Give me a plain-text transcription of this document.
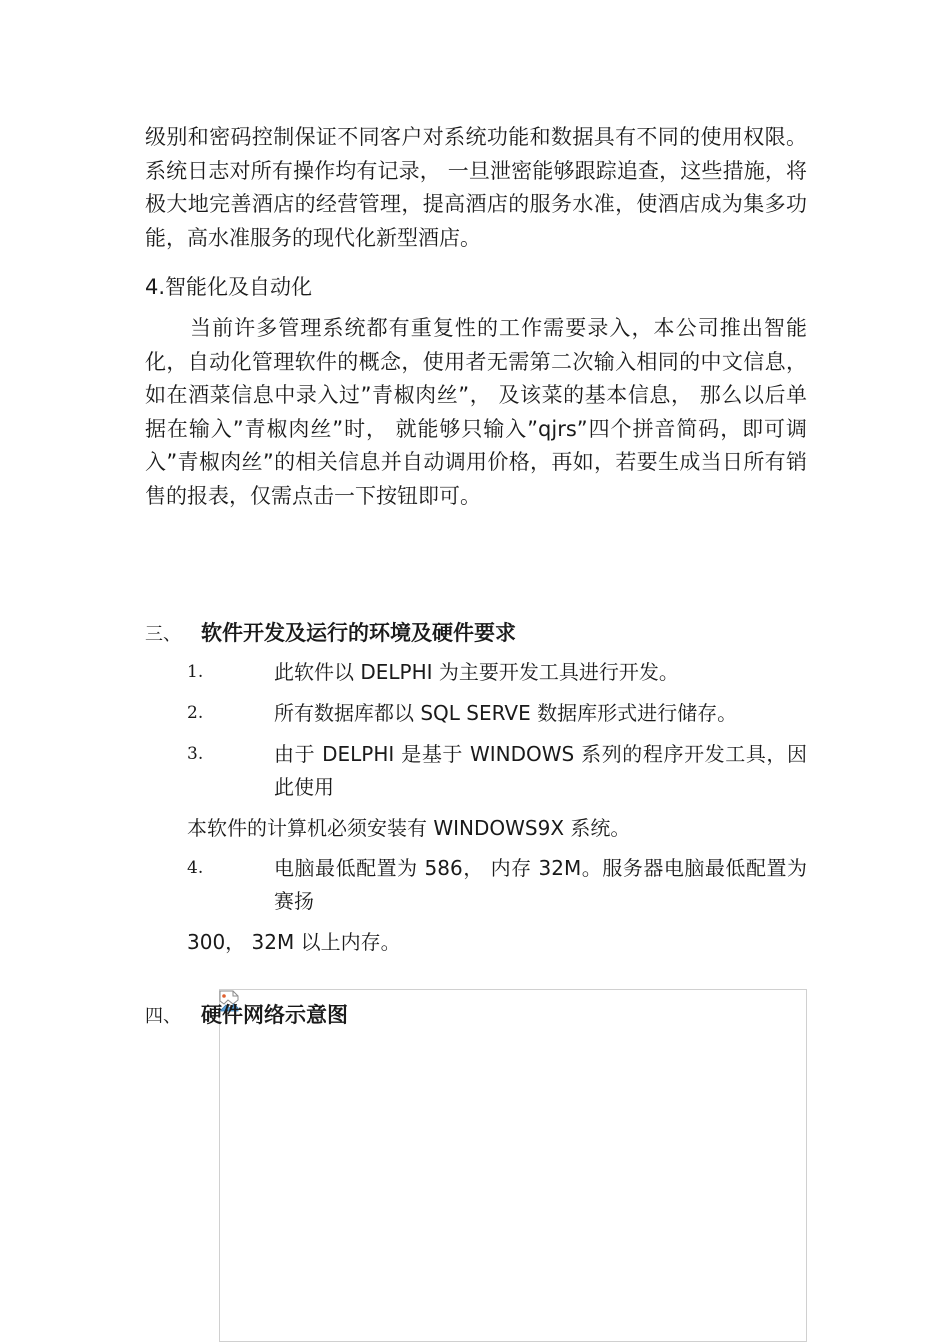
级别和密码控制保证不同客户对系统功能和数据具有不同的使用权限。系统日志对所有操作均有记录， 一旦泄密能够跟踪追查，这些措施，将极大地完善酒店的经营管理，提高酒店的服务水准，使酒店成为集多功能，高水准服务的现代化新型酒店。

4.智能化及自动化

当前许多管理系统都有重复性的工作需要录入，本公司推出智能化，自动化管理软件的概念，使用者无需第二次输入相同的中文信息，如在酒菜信息中录入过”青椒肉丝”， 及该菜的基本信息， 那么以后单据在输入”青椒肉丝”时， 就能够只输入”qjrs”四个拼音简码，即可调入”青椒肉丝”的相关信息并自动调用价格，再如，若要生成当日所有销售的报表，仅需点击一下按钮即可。

三、 软件开发及运行的环境及硬件要求
1.	此软件以 DELPHI 为主要开发工具进行开发。
2.	所有数据库都以 SQL SERVE 数据库形式进行储存。
3.	由于 DELPHI 是基于 WINDOWS 系列的程序开发工具，因此使用
本软件的计算机必须安装有 WINDOWS9X 系统。
4.	电脑最低配置为 586， 内存 32M。服务器电脑最低配置为赛扬
300， 32M 以上内存。
四、 硬件网络示意图
